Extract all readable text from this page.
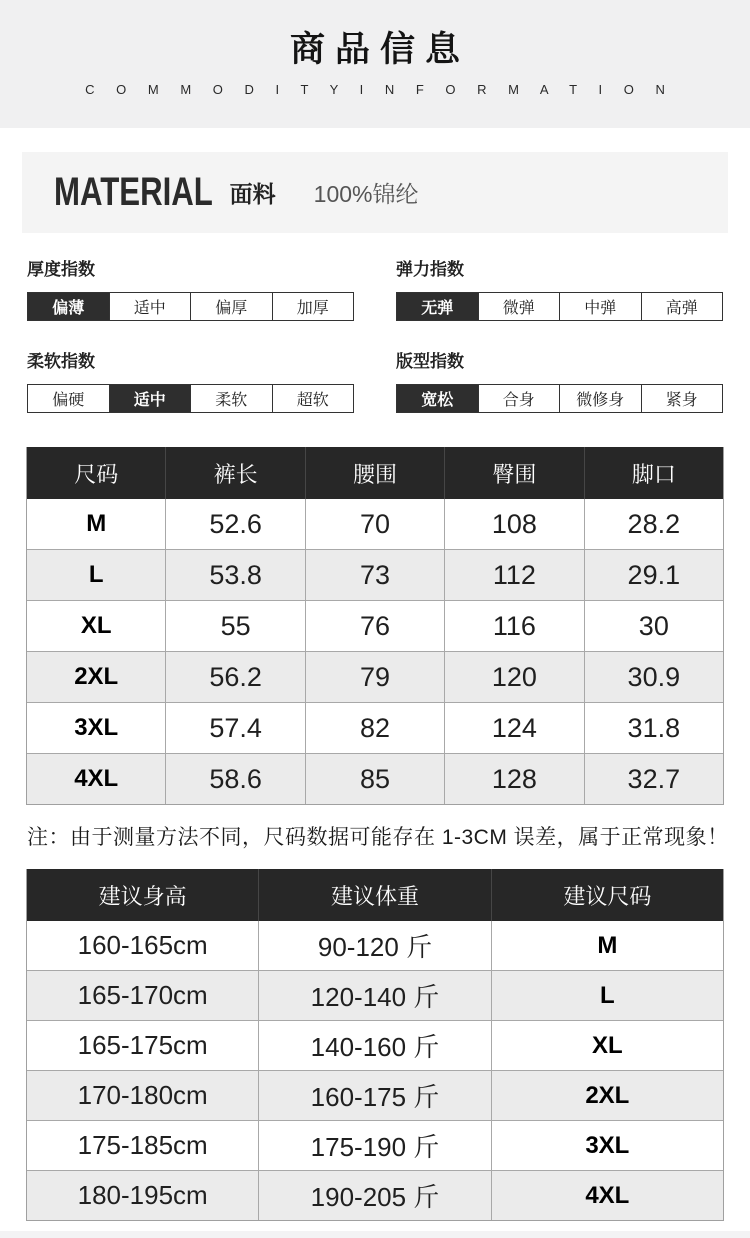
商品信息
C O M M O D I T Y I N F O R M A T I O N
MATERIAL 面料 100%锦纶
厚度指数
偏薄	适中	偏厚	加厚
弹力指数
无弹	微弹	中弹	高弹
柔软指数
偏硬	适中	柔软	超软
版型指数
宽松	合身	微修身	紧身
尺码	裤长	腰围	臀围	脚口
M	52.6	70	108	28.2
L	53.8	73	112	29.1
XL	55	76	116	30
2XL	56.2	79	120	30.9
3XL	57.4	82	124	31.8
4XL	58.6	85	128	32.7
注：由于测量方法不同，尺码数据可能存在 1-3CM 误差，属于正常现象！
建议身高	建议体重	建议尺码
160-165cm	90-120 斤	M
165-170cm	120-140 斤	L
165-175cm	140-160 斤	XL
170-180cm	160-175 斤	2XL
175-185cm	175-190 斤	3XL
180-195cm	190-205 斤	4XL
